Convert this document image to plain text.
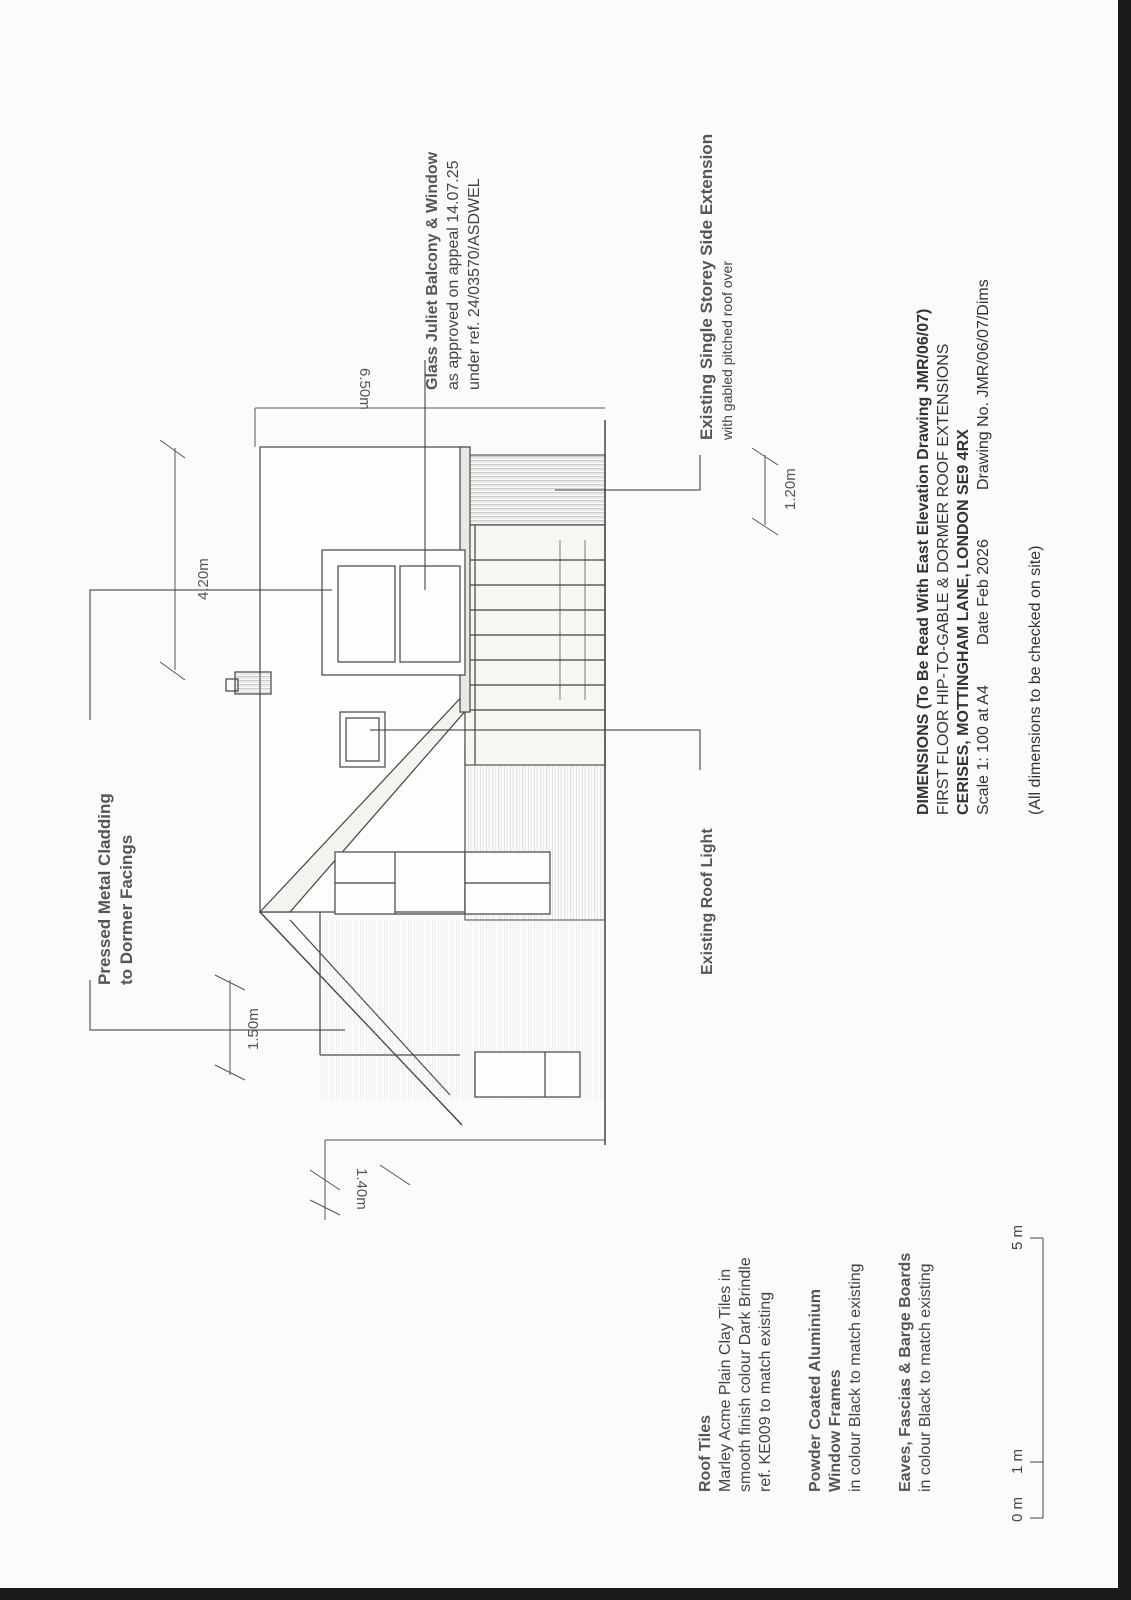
Pressed Metal Cladding to Dormer Facings
Glass Juliet Balcony & Window as approved on appeal 14.07.25 under ref. 24/03570/ASDWEL	Existing Single Storey Side Extension with gabled pitched roof over
Existing Roof Light
4.20m
6.50m
1.20m
1.50m
1.40m
Roof Tiles Marley Acme Plain Clay Tiles in smooth finish colour Dark Brindle ref. KE009 to match existing Powder Coated Aluminium Window Frames in colour Black to match existing Eaves, Fascias & Barge Boards in colour Black to match existing
0 m
1 m
5 m
DIMENSIONS (To Be Read With East Elevation Drawing JMR/06/07) FIRST FLOOR HIP-TO-GABLE & DORMER ROOF EXTENSIONS CERISES, MOTTINGHAM LANE, LONDON SE9 4RX Scale 1: 100 at A4
Date Feb 2026
Drawing No. JMR/06/07/Dims
(All dimensions to be checked on site)
